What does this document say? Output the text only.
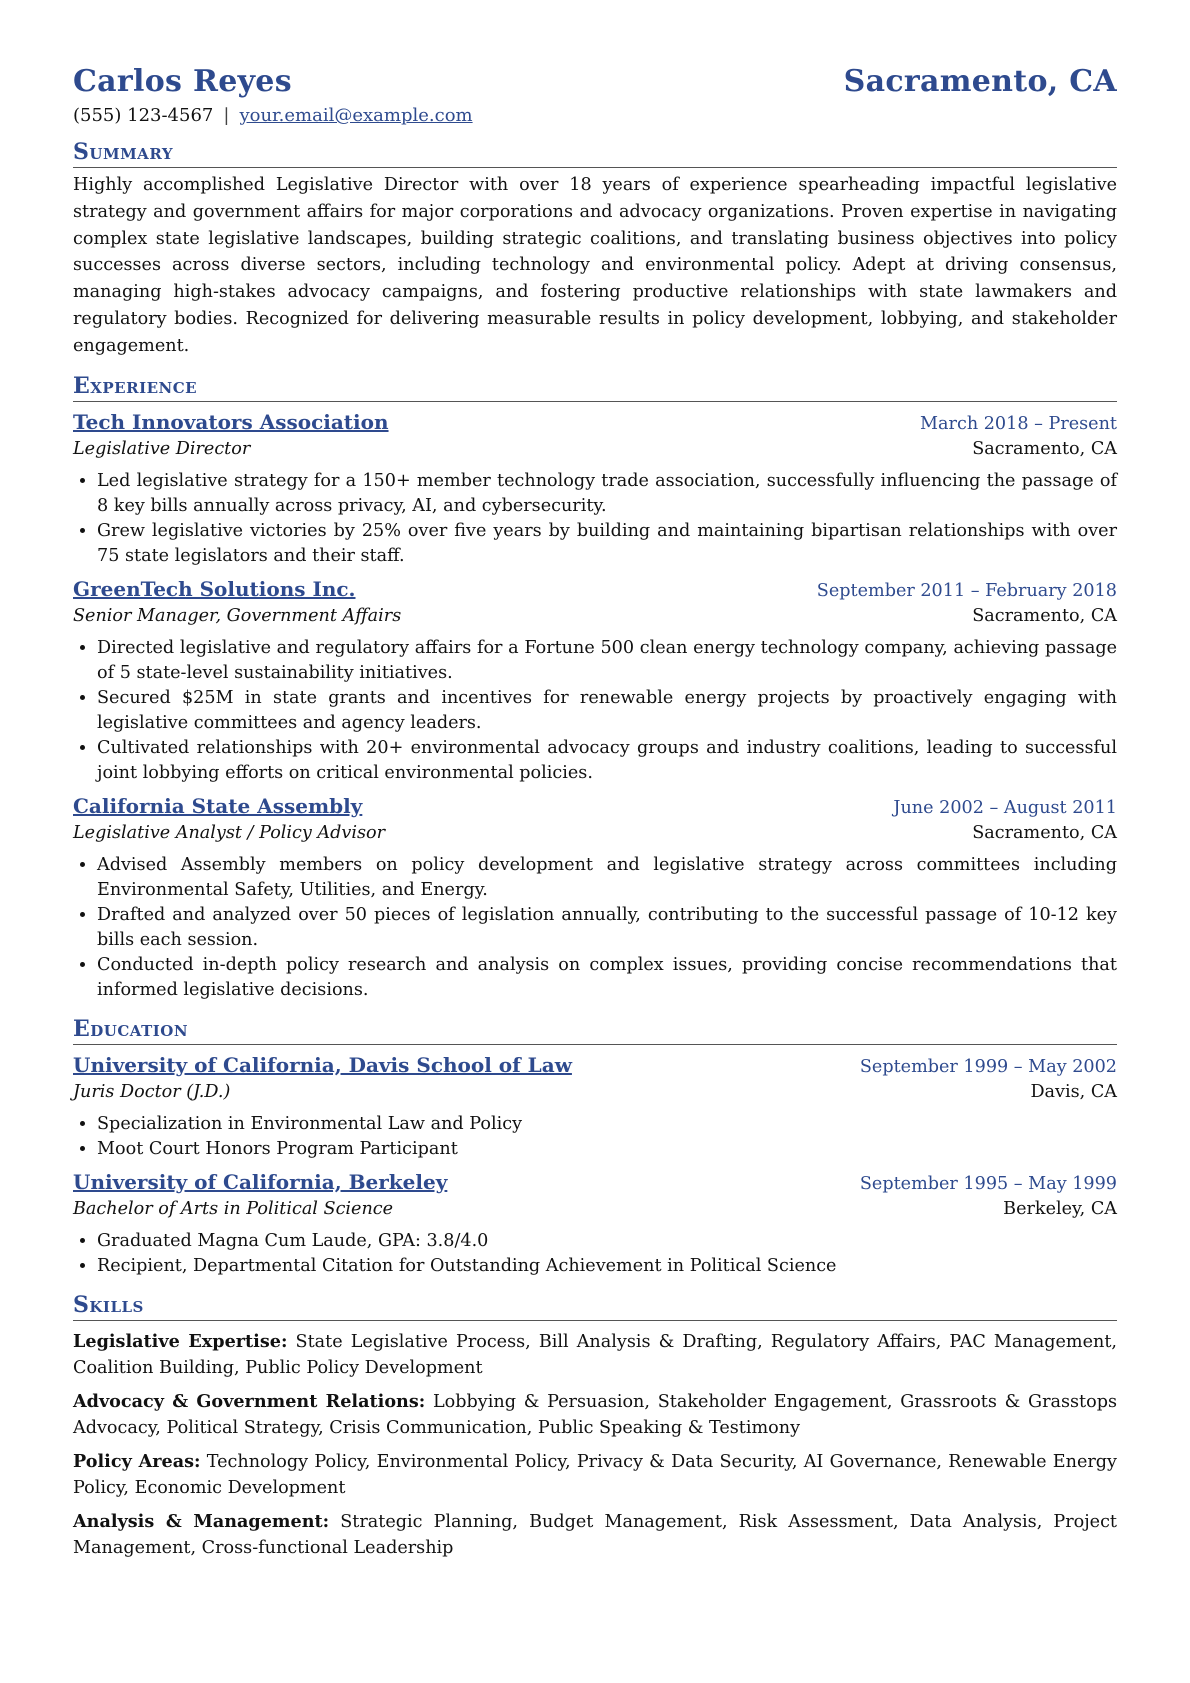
Carlos Reyes	Sacramento, CA
(555) 123-4567 | your.email@example.com
Summary
Highly accomplished Legislative Director with over 18 years of experience spearheading impactful legislative strategy and government affairs for major corporations and advocacy organizations. Proven expertise in navigating complex state legislative landscapes, building strategic coalitions, and translating business objectives into policy successes across diverse sectors, including technology and environmental policy. Adept at driving consensus, managing high-stakes advocacy campaigns, and fostering productive relationships with state lawmakers and regulatory bodies. Recognized for delivering measurable results in policy development, lobbying, and stakeholder engagement.
Experience
Tech Innovators Association	March 2018 – Present
Legislative Director	Sacramento, CA
• Led legislative strategy for a 150+ member technology trade association, successfully influencing the passage of 8 key bills annually across privacy, AI, and cybersecurity.
• Grew legislative victories by 25% over five years by building and maintaining bipartisan relationships with over 75 state legislators and their staff.
GreenTech Solutions Inc.	September 2011 – February 2018
Senior Manager, Government Affairs	Sacramento, CA
• Directed legislative and regulatory affairs for a Fortune 500 clean energy technology company, achieving passage of 5 state-level sustainability initiatives.
• Secured $25M in state grants and incentives for renewable energy projects by proactively engaging with legislative committees and agency leaders.
• Cultivated relationships with 20+ environmental advocacy groups and industry coalitions, leading to successful joint lobbying efforts on critical environmental policies.
California State Assembly	June 2002 – August 2011
Legislative Analyst / Policy Advisor	Sacramento, CA
• Advised Assembly members on policy development and legislative strategy across committees including Environmental Safety, Utilities, and Energy.
• Drafted and analyzed over 50 pieces of legislation annually, contributing to the successful passage of 10-12 key bills each session.
• Conducted in-depth policy research and analysis on complex issues, providing concise recommendations that informed legislative decisions.
Education
University of California, Davis School of Law	September 1999 – May 2002
Juris Doctor (J.D.)	Davis, CA
• Specialization in Environmental Law and Policy
• Moot Court Honors Program Participant
University of California, Berkeley	September 1995 – May 1999
Bachelor of Arts in Political Science	Berkeley, CA
• Graduated Magna Cum Laude, GPA: 3.8/4.0
• Recipient, Departmental Citation for Outstanding Achievement in Political Science
Skills
Legislative Expertise: State Legislative Process, Bill Analysis & Drafting, Regulatory Affairs, PAC Management, Coalition Building, Public Policy Development
Advocacy & Government Relations: Lobbying & Persuasion, Stakeholder Engagement, Grassroots & Grasstops Advocacy, Political Strategy, Crisis Communication, Public Speaking & Testimony
Policy Areas: Technology Policy, Environmental Policy, Privacy & Data Security, AI Governance, Renewable Energy Policy, Economic Development
Analysis & Management: Strategic Planning, Budget Management, Risk Assessment, Data Analysis, Project Management, Cross-functional Leadership
